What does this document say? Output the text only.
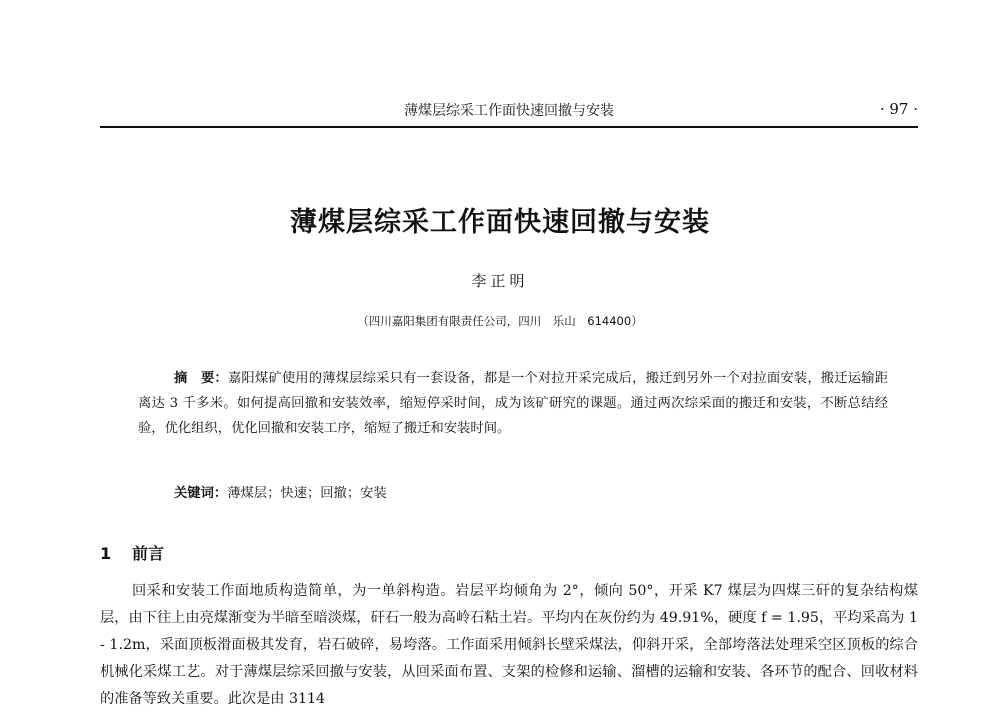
薄煤层综采工作面快速回撤与安装	· 97 ·
薄煤层综采工作面快速回撤与安装
李正明
（四川嘉阳集团有限责任公司，四川　乐山　614400）
摘　要：嘉阳煤矿使用的薄煤层综采只有一套设备，都是一个对拉开采完成后，搬迁到另外一个对拉面安装，搬迁运输距离达 3 千多米。如何提高回撤和安装效率，缩短停采时间，成为该矿研究的课题。通过两次综采面的搬迁和安装，不断总结经验，优化组织，优化回撤和安装工序，缩短了搬迁和安装时间。
关键词：薄煤层；快速；回撤；安装
1 前言
回采和安装工作面地质构造简单，为一单斜构造。岩层平均倾角为 2°，倾向 50°，开采 K7 煤层为四煤三矸的复杂结构煤层，由下往上由亮煤渐变为半暗至暗淡煤，矸石一般为高岭石粘土岩。平均内在灰份约为 49.91%，硬度 f = 1.95，平均采高为 1 - 1.2m，采面顶板滑面极其发育，岩石破碎，易垮落。工作面采用倾斜长壁采煤法，仰斜开采，全部垮落法处理采空区顶板的综合机械化采煤工艺。对于薄煤层综采回撤与安装，从回采面布置、支架的检修和运输、溜槽的运输和安装、各环节的配合、回收材料的准备等致关重要。此次是由 3114
